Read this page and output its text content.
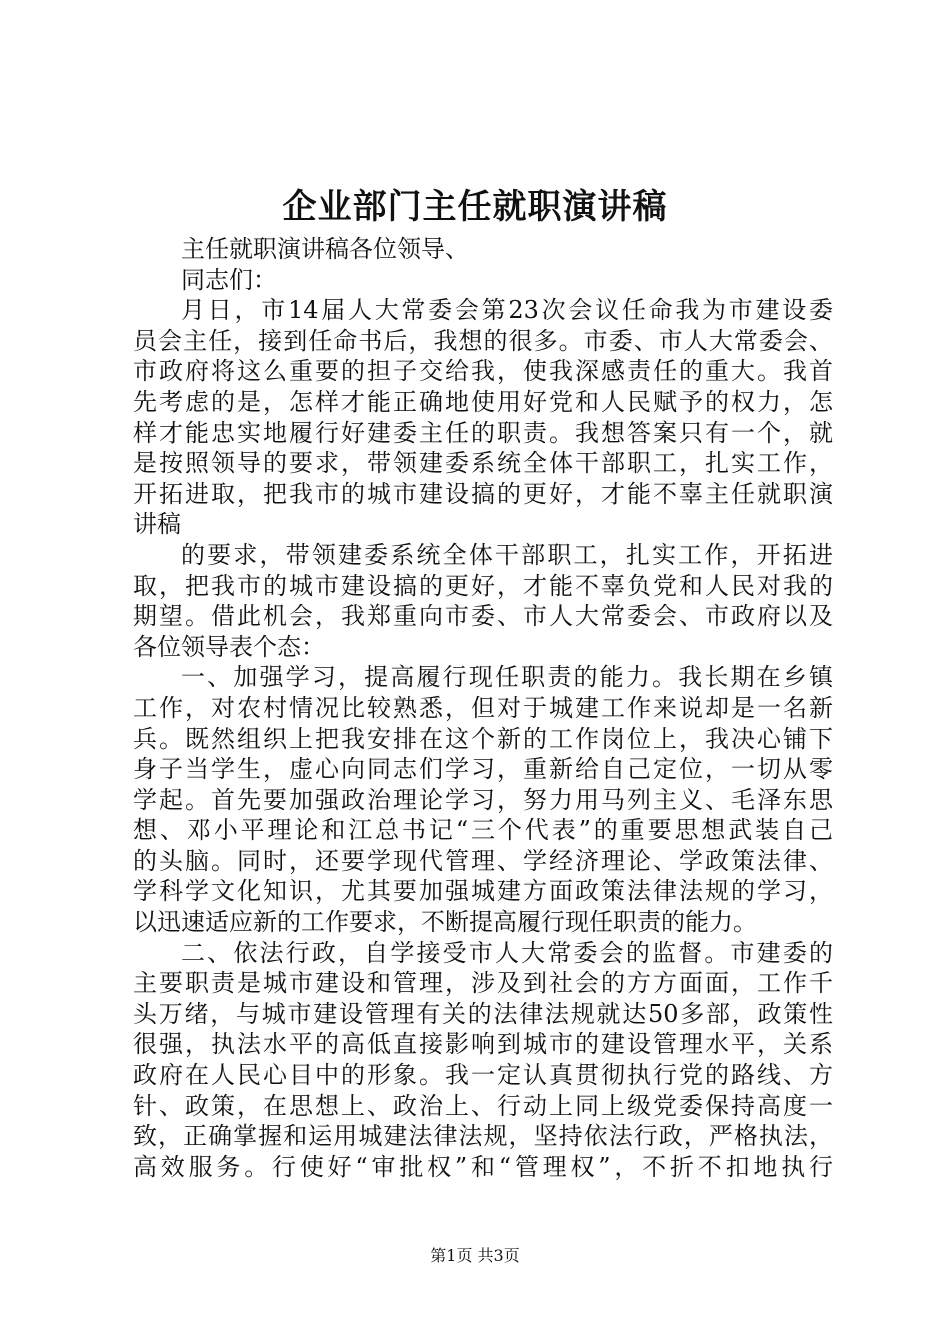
企业部门主任就职演讲稿
主任就职演讲稿各位领导、
同志们：
月日，市14届人大常委会第23次会议任命我为市建设委
员会主任，接到任命书后，我想的很多。市委、市人大常委会、
市政府将这么重要的担子交给我，使我深感责任的重大。我首
先考虑的是，怎样才能正确地使用好党和人民赋予的权力，怎
样才能忠实地履行好建委主任的职责。我想答案只有一个，就
是按照领导的要求，带领建委系统全体干部职工，扎实工作，
开拓进取，把我市的城市建设搞的更好，才能不辜主任就职演
讲稿
的要求，带领建委系统全体干部职工，扎实工作，开拓进
取，把我市的城市建设搞的更好，才能不辜负党和人民对我的
期望。借此机会，我郑重向市委、市人大常委会、市政府以及
各位领导表个态：
一、加强学习，提高履行现任职责的能力。我长期在乡镇
工作，对农村情况比较熟悉，但对于城建工作来说却是一名新
兵。既然组织上把我安排在这个新的工作岗位上，我决心铺下
身子当学生，虚心向同志们学习，重新给自己定位，一切从零
学起。首先要加强政治理论学习，努力用马列主义、毛泽东思
想、邓小平理论和江总书记“三个代表”的重要思想武装自己
的头脑。同时，还要学现代管理、学经济理论、学政策法律、
学科学文化知识，尤其要加强城建方面政策法律法规的学习，
以迅速适应新的工作要求，不断提高履行现任职责的能力。
二、依法行政，自学接受市人大常委会的监督。市建委的
主要职责是城市建设和管理，涉及到社会的方方面面，工作千
头万绪，与城市建设管理有关的法律法规就达50多部，政策性
很强，执法水平的高低直接影响到城市的建设管理水平，关系
政府在人民心目中的形象。我一定认真贯彻执行党的路线、方
针、政策，在思想上、政治上、行动上同上级党委保持高度一
致，正确掌握和运用城建法律法规，坚持依法行政，严格执法，
高效服务。行使好“审批权”和“管理权”，不折不扣地执行
第1页 共3页
